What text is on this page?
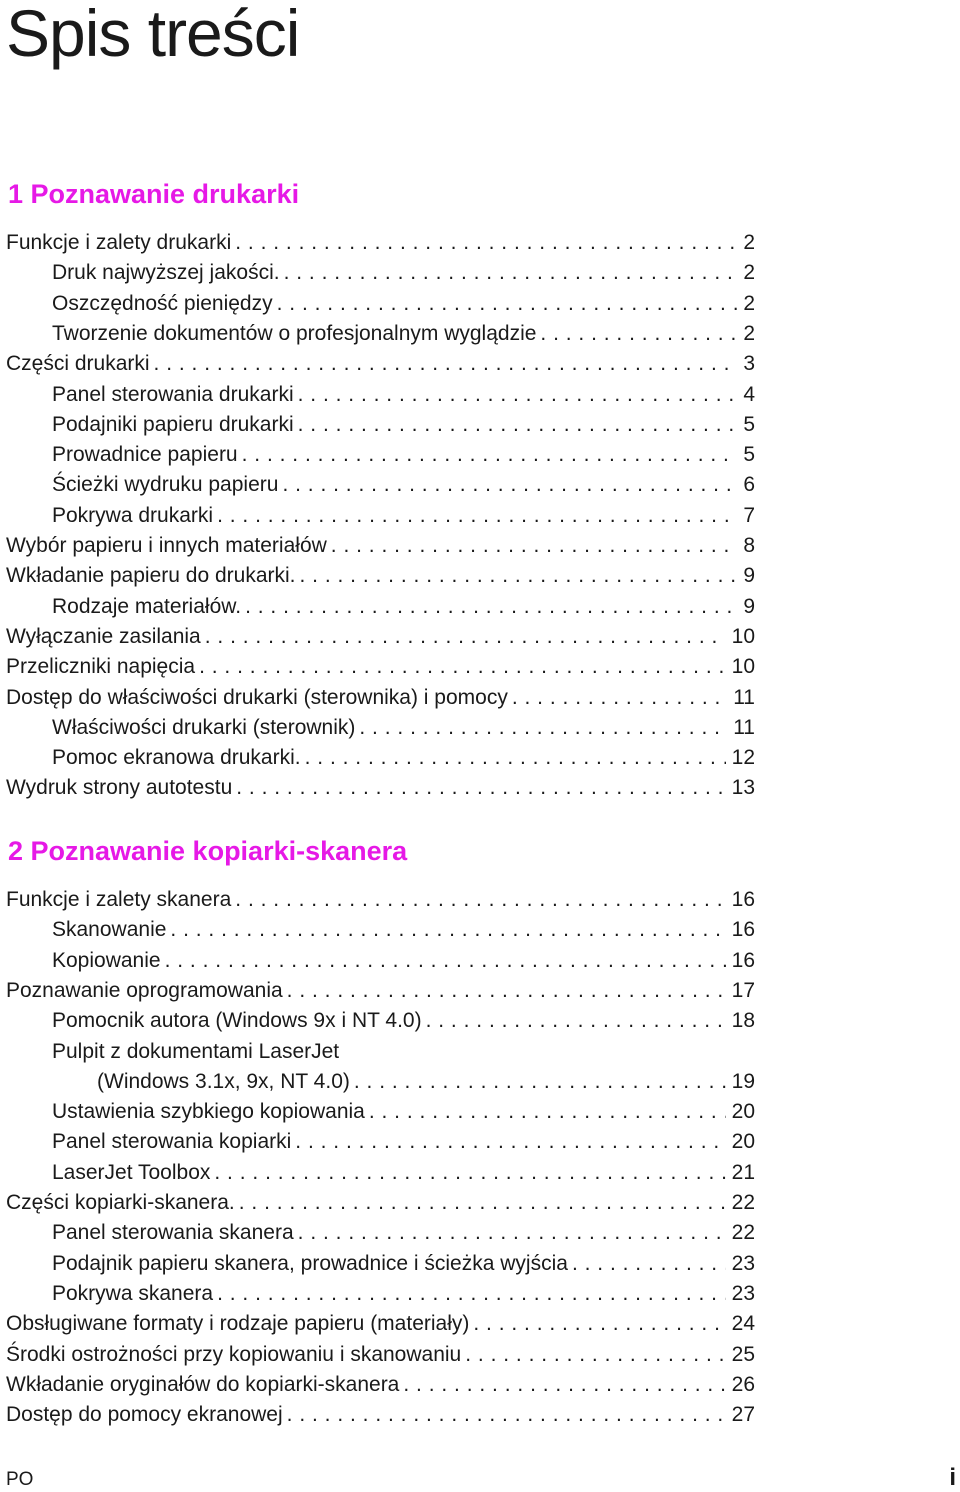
Spis treści
1 Poznawanie drukarki
2 Poznawanie kopiarki-skanera
Funkcje i zalety drukarki . . .	2
Druk najwyższej jakości. . . .	2
Oszczędność pieniędzy . . .	2
Tworzenie dokumentów o profesjonalnym wyglądzie . . .	2
Części drukarki . . .	3
Panel sterowania drukarki . . .	4
Podajniki papieru drukarki . . .	5
Prowadnice papieru . . .	5
Ścieżki wydruku papieru . . .	6
Pokrywa drukarki . . .	7
Wybór papieru i innych materiałów . . .	8
Wkładanie papieru do drukarki. . . .	9
Rodzaje materiałów. . . .	9
Wyłączanie zasilania . . .	10
Przeliczniki napięcia . . .	10
Dostęp do właściwości drukarki (sterownika) i pomocy . . .	11
Właściwości drukarki (sterownik) . . .	11
Pomoc ekranowa drukarki. . . .	12
Wydruk strony autotestu . . .	13
Funkcje i zalety skanera . . .	16
Skanowanie . . .	16
Kopiowanie . . .	16
Poznawanie oprogramowania . . .	17
Pomocnik autora (Windows 9x i NT 4.0) . . .	18
Pulpit z dokumentami LaserJet
(Windows 3.1x, 9x, NT 4.0) . . .	19
Ustawienia szybkiego kopiowania . . .	20
Panel sterowania kopiarki . . .	20
LaserJet Toolbox . . .	21
Części kopiarki-skanera. . . .	22
Panel sterowania skanera . . .	22
Podajnik papieru skanera, prowadnice i ścieżka wyjścia . . .	23
Pokrywa skanera . . .	23
Obsługiwane formaty i rodzaje papieru (materiały) . . .	24
Środki ostrożności przy kopiowaniu i skanowaniu . . .	25
Wkładanie oryginałów do kopiarki-skanera . . .	26
Dostęp do pomocy ekranowej . . .	27
PO	i
